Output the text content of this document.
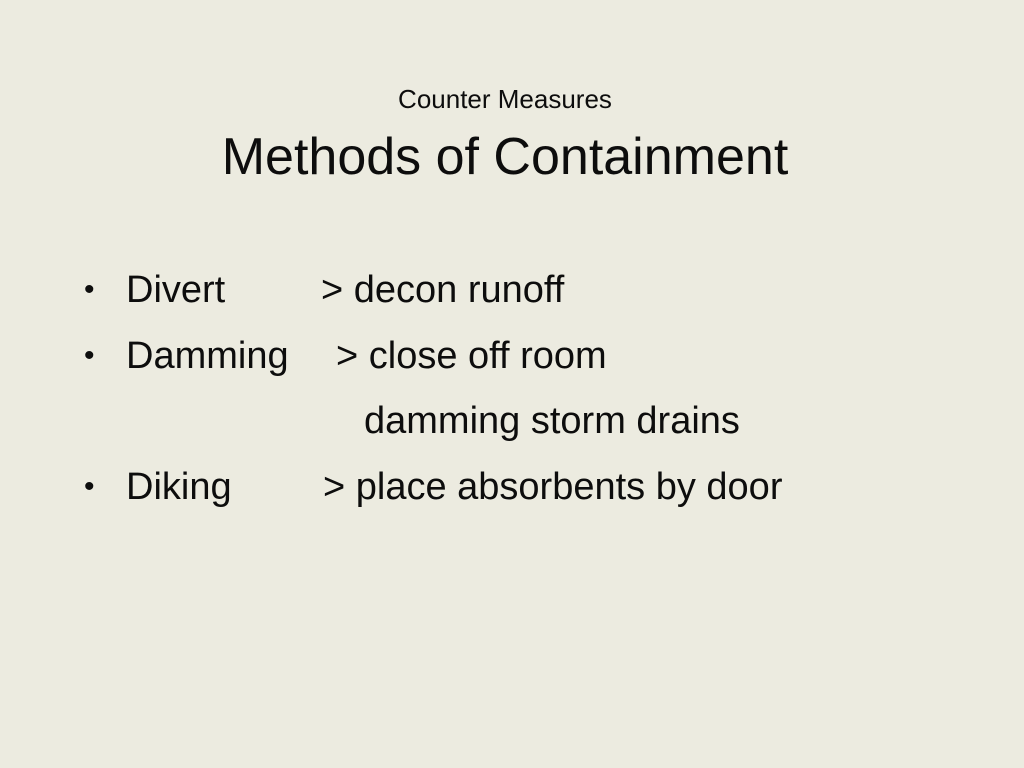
Counter Measures
Methods of Containment
• Divert	> decon runoff
• Damming > close off room
damming storm drains
• Diking > place absorbents by door
